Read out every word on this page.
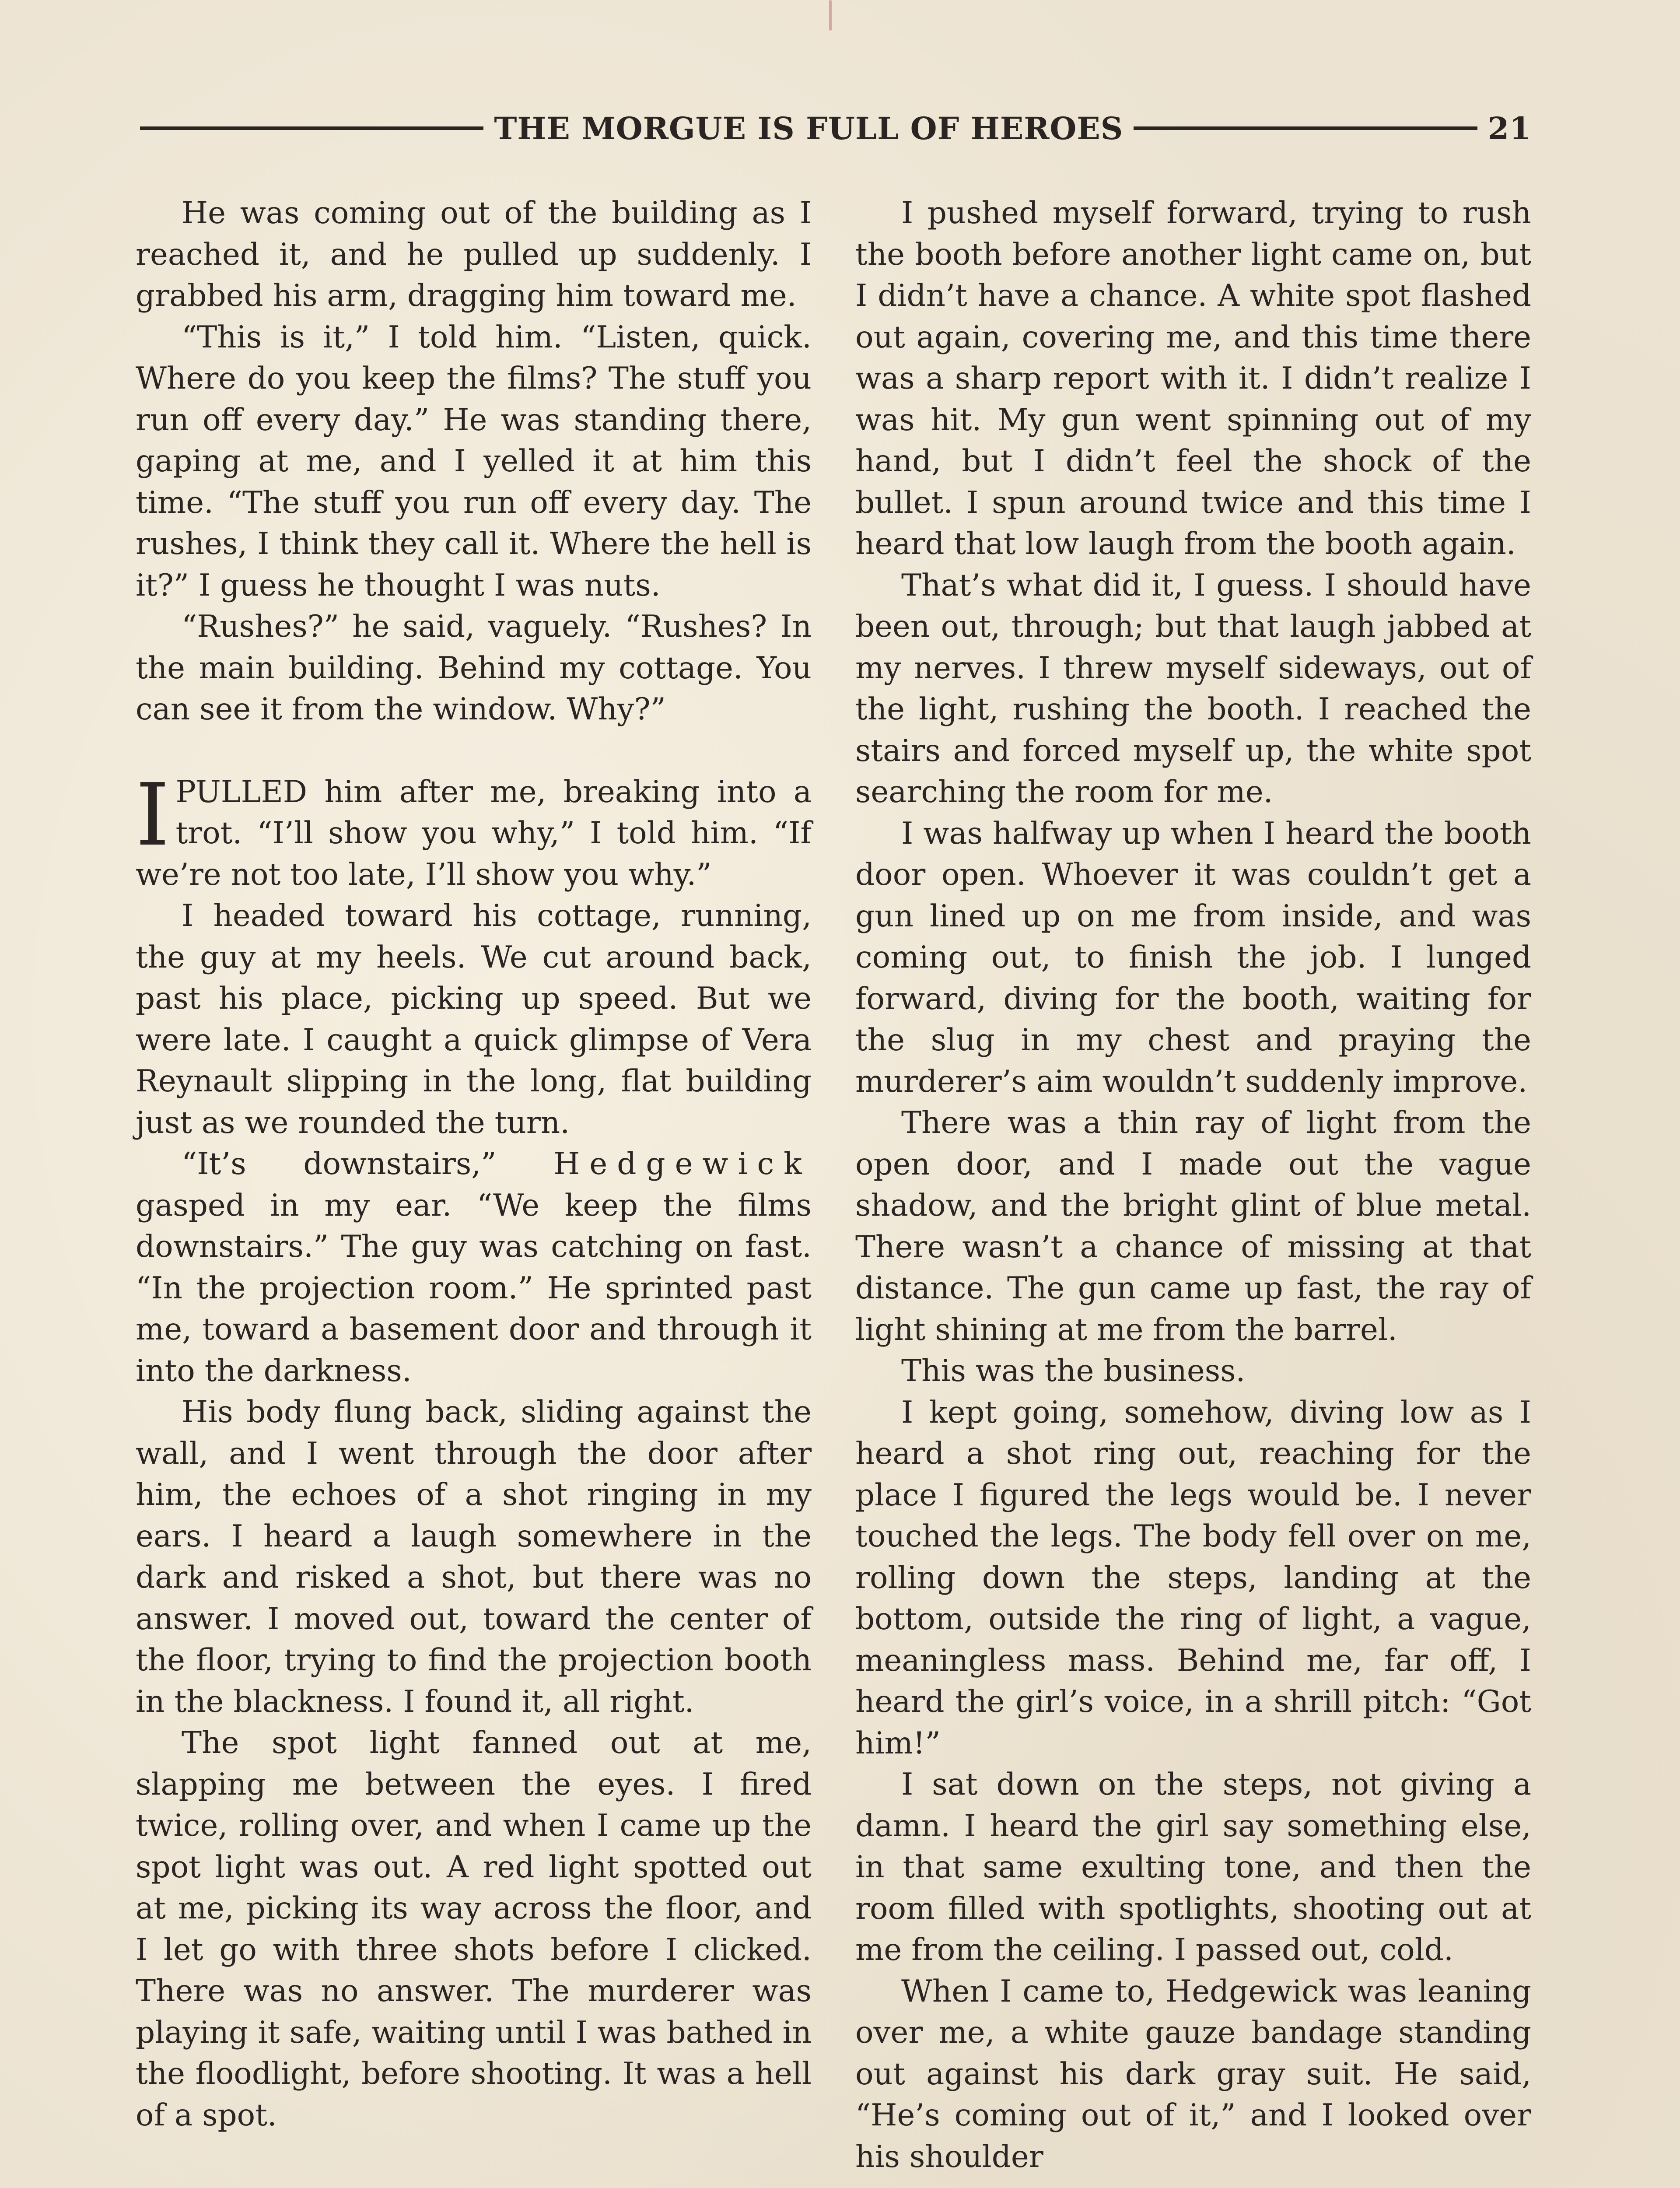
THE MORGUE IS FULL OF HEROES	21

He was coming out of the building as I reached it, and he pulled up suddenly. I grabbed his arm, dragging him toward me.

“This is it,” I told him. “Listen, quick. Where do you keep the films? The stuff you run off every day.” He was standing there, gaping at me, and I yelled it at him this time. “The stuff you run off every day. The rushes, I think they call it. Where the hell is it?” I guess he thought I was nuts.

“Rushes?” he said, vaguely. “Rushes? In the main building. Behind my cottage. You can see it from the window. Why?”

I PULLED him after me, breaking into a trot. “I’ll show you why,” I told him. “If we’re not too late, I’ll show you why.”

I headed toward his cottage, running, the guy at my heels. We cut around back, past his place, picking up speed. But we were late. I caught a quick glimpse of Vera Reynault slipping in the long, flat building just as we rounded the turn.

“It’s downstairs,” Hedgewick gasped in my ear. “We keep the films downstairs.” The guy was catching on fast. “In the projection room.” He sprinted past me, toward a basement door and through it into the darkness.

His body flung back, sliding against the wall, and I went through the door after him, the echoes of a shot ringing in my ears. I heard a laugh somewhere in the dark and risked a shot, but there was no answer. I moved out, toward the center of the floor, trying to find the projection booth in the blackness. I found it, all right.

The spot light fanned out at me, slapping me between the eyes. I fired twice, rolling over, and when I came up the spot light was out. A red light spotted out at me, picking its way across the floor, and I let go with three shots before I clicked. There was no answer. The murderer was playing it safe, waiting until I was bathed in the floodlight, before shooting. It was a hell of a spot.

I pushed myself forward, trying to rush the booth before another light came on, but I didn’t have a chance. A white spot flashed out again, covering me, and this time there was a sharp report with it. I didn’t realize I was hit. My gun went spinning out of my hand, but I didn’t feel the shock of the bullet. I spun around twice and this time I heard that low laugh from the booth again.

That’s what did it, I guess. I should have been out, through; but that laugh jabbed at my nerves. I threw myself sideways, out of the light, rushing the booth. I reached the stairs and forced myself up, the white spot searching the room for me.

I was halfway up when I heard the booth door open. Whoever it was couldn’t get a gun lined up on me from inside, and was coming out, to finish the job. I lunged forward, diving for the booth, waiting for the slug in my chest and praying the murderer’s aim wouldn’t suddenly improve.

There was a thin ray of light from the open door, and I made out the vague shadow, and the bright glint of blue metal. There wasn’t a chance of missing at that distance. The gun came up fast, the ray of light shining at me from the barrel.

This was the business.

I kept going, somehow, diving low as I heard a shot ring out, reaching for the place I figured the legs would be. I never touched the legs. The body fell over on me, rolling down the steps, landing at the bottom, outside the ring of light, a vague, meaningless mass. Behind me, far off, I heard the girl’s voice, in a shrill pitch: “Got him!”

I sat down on the steps, not giving a damn. I heard the girl say something else, in that same exulting tone, and then the room filled with spotlights, shooting out at me from the ceiling. I passed out, cold.

When I came to, Hedgewick was leaning over me, a white gauze bandage standing out against his dark gray suit. He said, “He’s coming out of it,” and I looked over his shoulder
